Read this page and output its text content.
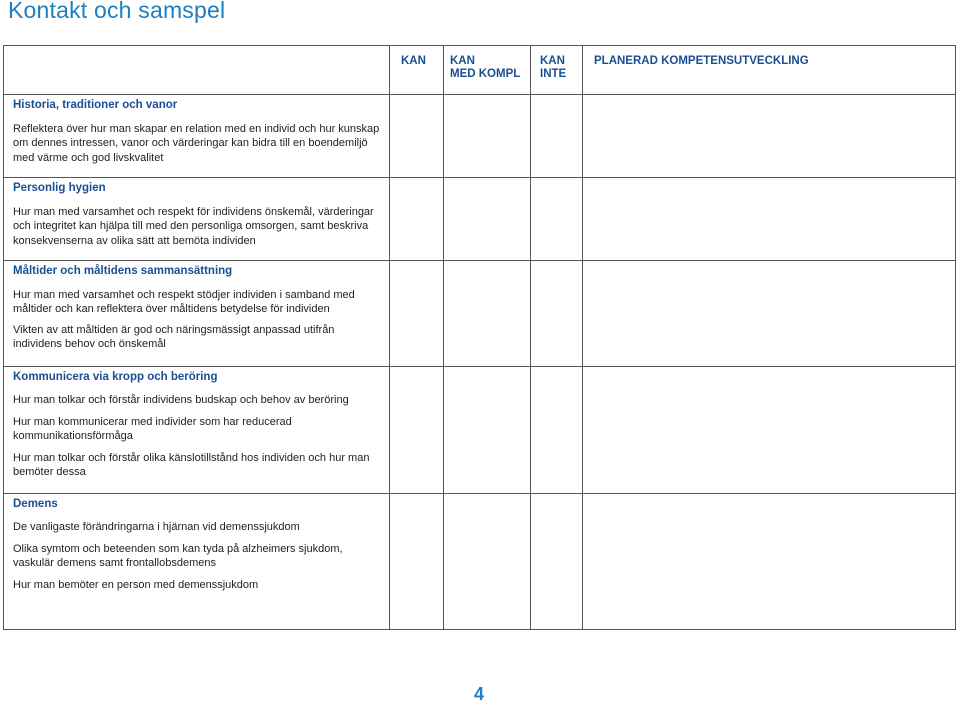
Kontakt och samspel
KAN KAN
MED KOMPL
KAN
INTE
PLANERAD KOMPETENSUTVECKLING
Historia, traditioner och vanor
Reflektera över hur man skapar en relation med en individ och hur kunskap om dennes intressen, vanor och värderingar kan bidra till en boendemiljö med värme och god livskvalitet
Personlig hygien
Hur man med varsamhet och respekt för individens önskemål, värderingar och integritet kan hjälpa till med den personliga omsorgen, samt beskriva konsekvenserna av olika sätt att bemöta individen
Måltider och måltidens sammansättning
Hur man med varsamhet och respekt stödjer individen i samband med måltider och kan reflektera över måltidens betydelse för individen
Vikten av att måltiden är god och näringsmässigt anpassad utifrån individens behov och önskemål
Kommunicera via kropp och beröring
Hur man tolkar och förstår individens budskap och behov av beröring
Hur man kommunicerar med individer som har reducerad kommunikationsförmåga
Hur man tolkar och förstår olika känslotillstånd hos individen och hur man bemöter dessa
Demens
De vanligaste förändringarna i hjärnan vid demenssjukdom
Olika symtom och beteenden som kan tyda på alzheimers sjukdom, vaskulär demens samt frontallobsdemens
Hur man bemöter en person med demenssjukdom
4
